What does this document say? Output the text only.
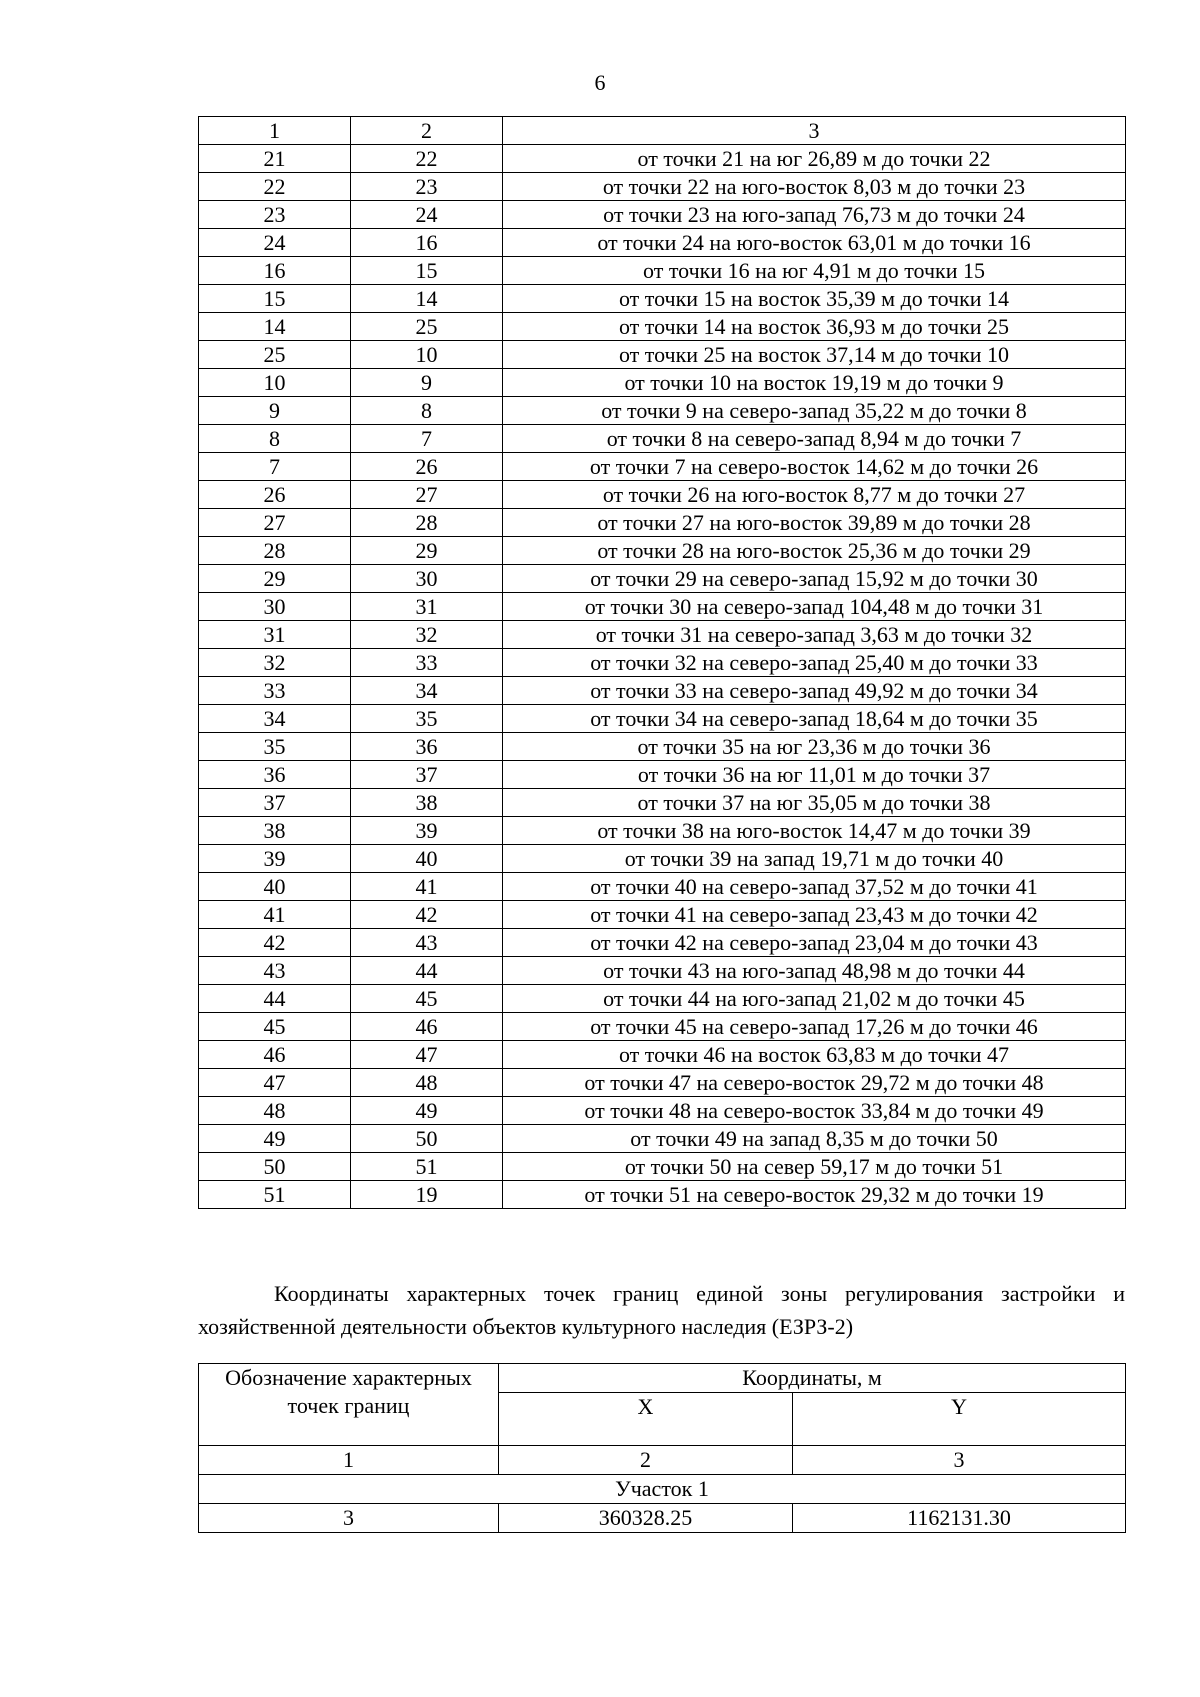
6
1	2	3
21	22	от точки 21 на юг 26,89 м до точки 22
22	23	от точки 22 на юго-восток 8,03 м до точки 23
23	24	от точки 23 на юго-запад 76,73 м до точки 24
24	16	от точки 24 на юго-восток 63,01 м до точки 16
16	15	от точки 16 на юг 4,91 м до точки 15
15	14	от точки 15 на восток 35,39 м до точки 14
14	25	от точки 14 на восток 36,93 м до точки 25
25	10	от точки 25 на восток 37,14 м до точки 10
10	9	от точки 10 на восток 19,19 м до точки 9
9	8	от точки 9 на северо-запад 35,22 м до точки 8
8	7	от точки 8 на северо-запад 8,94 м до точки 7
7	26	от точки 7 на северо-восток 14,62 м до точки 26
26	27	от точки 26 на юго-восток 8,77 м до точки 27
27	28	от точки 27 на юго-восток 39,89 м до точки 28
28	29	от точки 28 на юго-восток 25,36 м до точки 29
29	30	от точки 29 на северо-запад 15,92 м до точки 30
30	31	от точки 30 на северо-запад 104,48 м до точки 31
31	32	от точки 31 на северо-запад 3,63 м до точки 32
32	33	от точки 32 на северо-запад 25,40 м до точки 33
33	34	от точки 33 на северо-запад 49,92 м до точки 34
34	35	от точки 34 на северо-запад 18,64 м до точки 35
35	36	от точки 35 на юг 23,36 м до точки 36
36	37	от точки 36 на юг 11,01 м до точки 37
37	38	от точки 37 на юг 35,05 м до точки 38
38	39	от точки 38 на юго-восток 14,47 м до точки 39
39	40	от точки 39 на запад 19,71 м до точки 40
40	41	от точки 40 на северо-запад 37,52 м до точки 41
41	42	от точки 41 на северо-запад 23,43 м до точки 42
42	43	от точки 42 на северо-запад 23,04 м до точки 43
43	44	от точки 43 на юго-запад 48,98 м до точки 44
44	45	от точки 44 на юго-запад 21,02 м до точки 45
45	46	от точки 45 на северо-запад 17,26 м до точки 46
46	47	от точки 46 на восток 63,83 м до точки 47
47	48	от точки 47 на северо-восток 29,72 м до точки 48
48	49	от точки 48 на северо-восток 33,84 м до точки 49
49	50	от точки 49 на запад 8,35 м до точки 50
50	51	от точки 50 на север 59,17 м до точки 51
51	19	от точки 51 на северо-восток 29,32 м до точки 19
Координаты характерных точек границ единой зоны регулирования застройки и хозяйственной деятельности объектов культурного наследия (ЕЗРЗ-2)
Обозначение характерных точек границ	Координаты, м	
	X	Y
1	2	3
Участок 1		
3	360328.25	1162131.30
